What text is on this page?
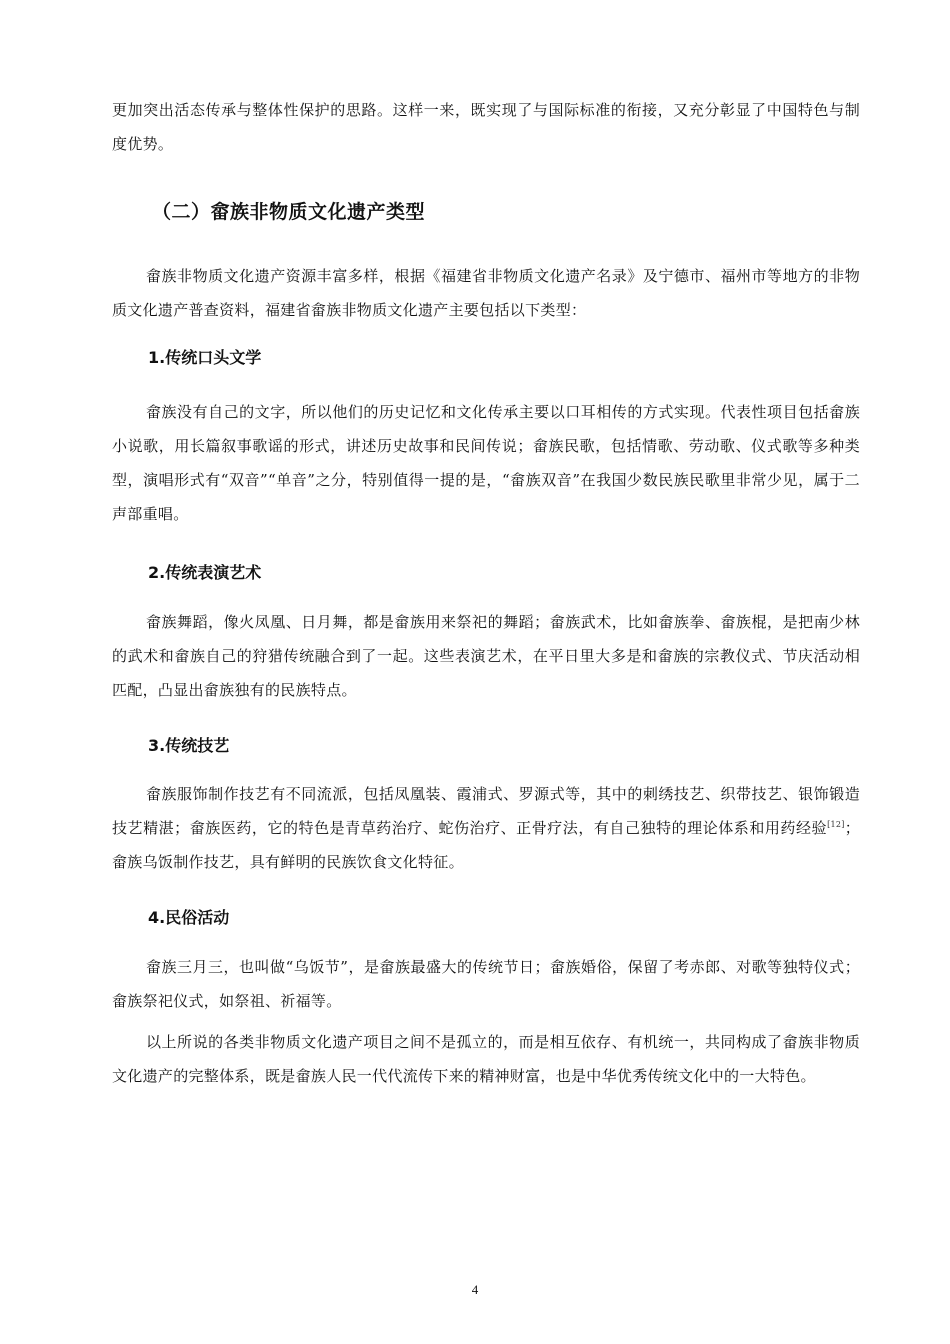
更加突出活态传承与整体性保护的思路。这样一来，既实现了与国际标准的衔接，又充分彰显了中国特色与制度优势。

（二）畲族非物质文化遗产类型

畲族非物质文化遗产资源丰富多样，根据《福建省非物质文化遗产名录》及宁德市、福州市等地方的非物质文化遗产普查资料，福建省畲族非物质文化遗产主要包括以下类型：

1.传统口头文学

畲族没有自己的文字，所以他们的历史记忆和文化传承主要以口耳相传的方式实现。代表性项目包括畲族小说歌，用长篇叙事歌谣的形式，讲述历史故事和民间传说；畲族民歌，包括情歌、劳动歌、仪式歌等多种类型，演唱形式有“双音”“单音”之分，特别值得一提的是，“畲族双音”在我国少数民族民歌里非常少见，属于二声部重唱。

2.传统表演艺术

畲族舞蹈，像火凤凰、日月舞，都是畲族用来祭祀的舞蹈；畲族武术，比如畲族拳、畲族棍，是把南少林的武术和畲族自己的狩猎传统融合到了一起。这些表演艺术，在平日里大多是和畲族的宗教仪式、节庆活动相匹配，凸显出畲族独有的民族特点。

3.传统技艺

畲族服饰制作技艺有不同流派，包括凤凰装、霞浦式、罗源式等，其中的刺绣技艺、织带技艺、银饰锻造技艺精湛；畲族医药，它的特色是青草药治疗、蛇伤治疗、正骨疗法，有自己独特的理论体系和用药经验[12]；畲族乌饭制作技艺，具有鲜明的民族饮食文化特征。

4.民俗活动

畲族三月三，也叫做“乌饭节”，是畲族最盛大的传统节日；畲族婚俗，保留了考赤郎、对歌等独特仪式；畲族祭祀仪式，如祭祖、祈福等。

以上所说的各类非物质文化遗产项目之间不是孤立的，而是相互依存、有机统一，共同构成了畲族非物质文化遗产的完整体系，既是畲族人民一代代流传下来的精神财富，也是中华优秀传统文化中的一大特色。

4
